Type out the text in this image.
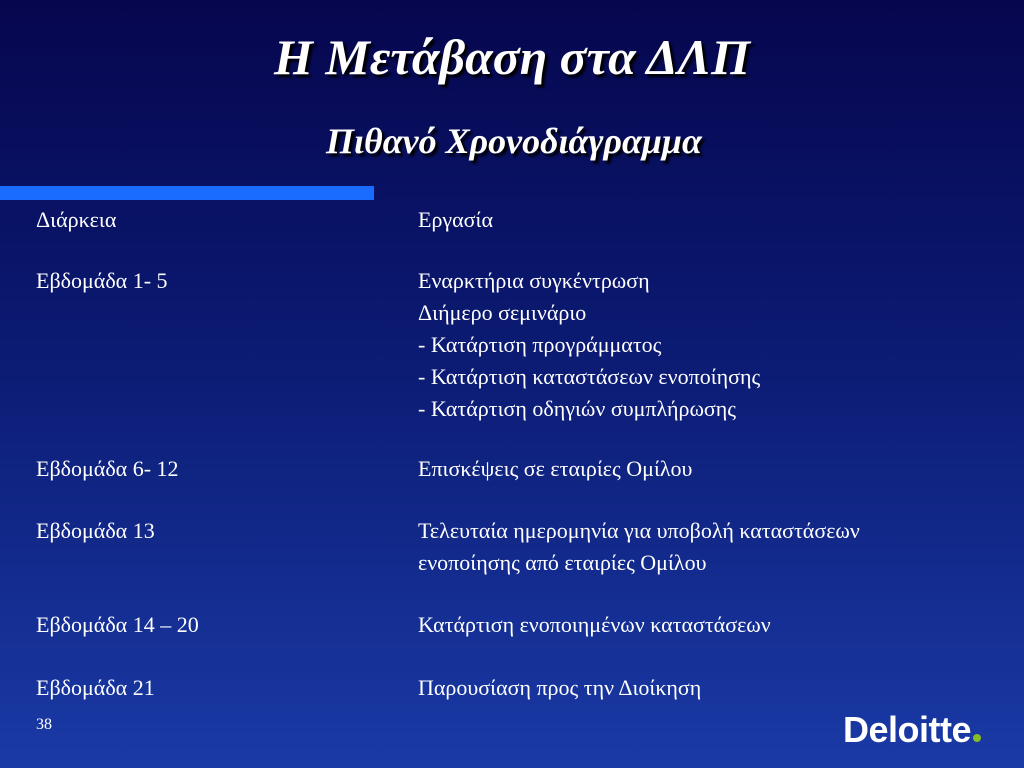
Η Μετάβαση στα ΔΛΠ
Πιθανό Χρονοδιάγραμμα
Διάρκεια	Εργασία
Εβδομάδα 1- 5	Εναρκτήρια συγκέντρωση
Διήμερο σεμινάριο
- Κατάρτιση προγράμματος
- Κατάρτιση καταστάσεων ενοποίησης
- Κατάρτιση οδηγιών συμπλήρωσης
Εβδομάδα 6- 12	Επισκέψεις σε εταιρίες Ομίλου
Εβδομάδα 13	Τελευταία ημερομηνία για υποβολή καταστάσεων
ενοποίησης από εταιρίες Ομίλου
Εβδομάδα 14 – 20	Κατάρτιση ενοποιημένων καταστάσεων
Εβδομάδα 21	Παρουσίαση προς την Διοίκηση
38	Deloitte
